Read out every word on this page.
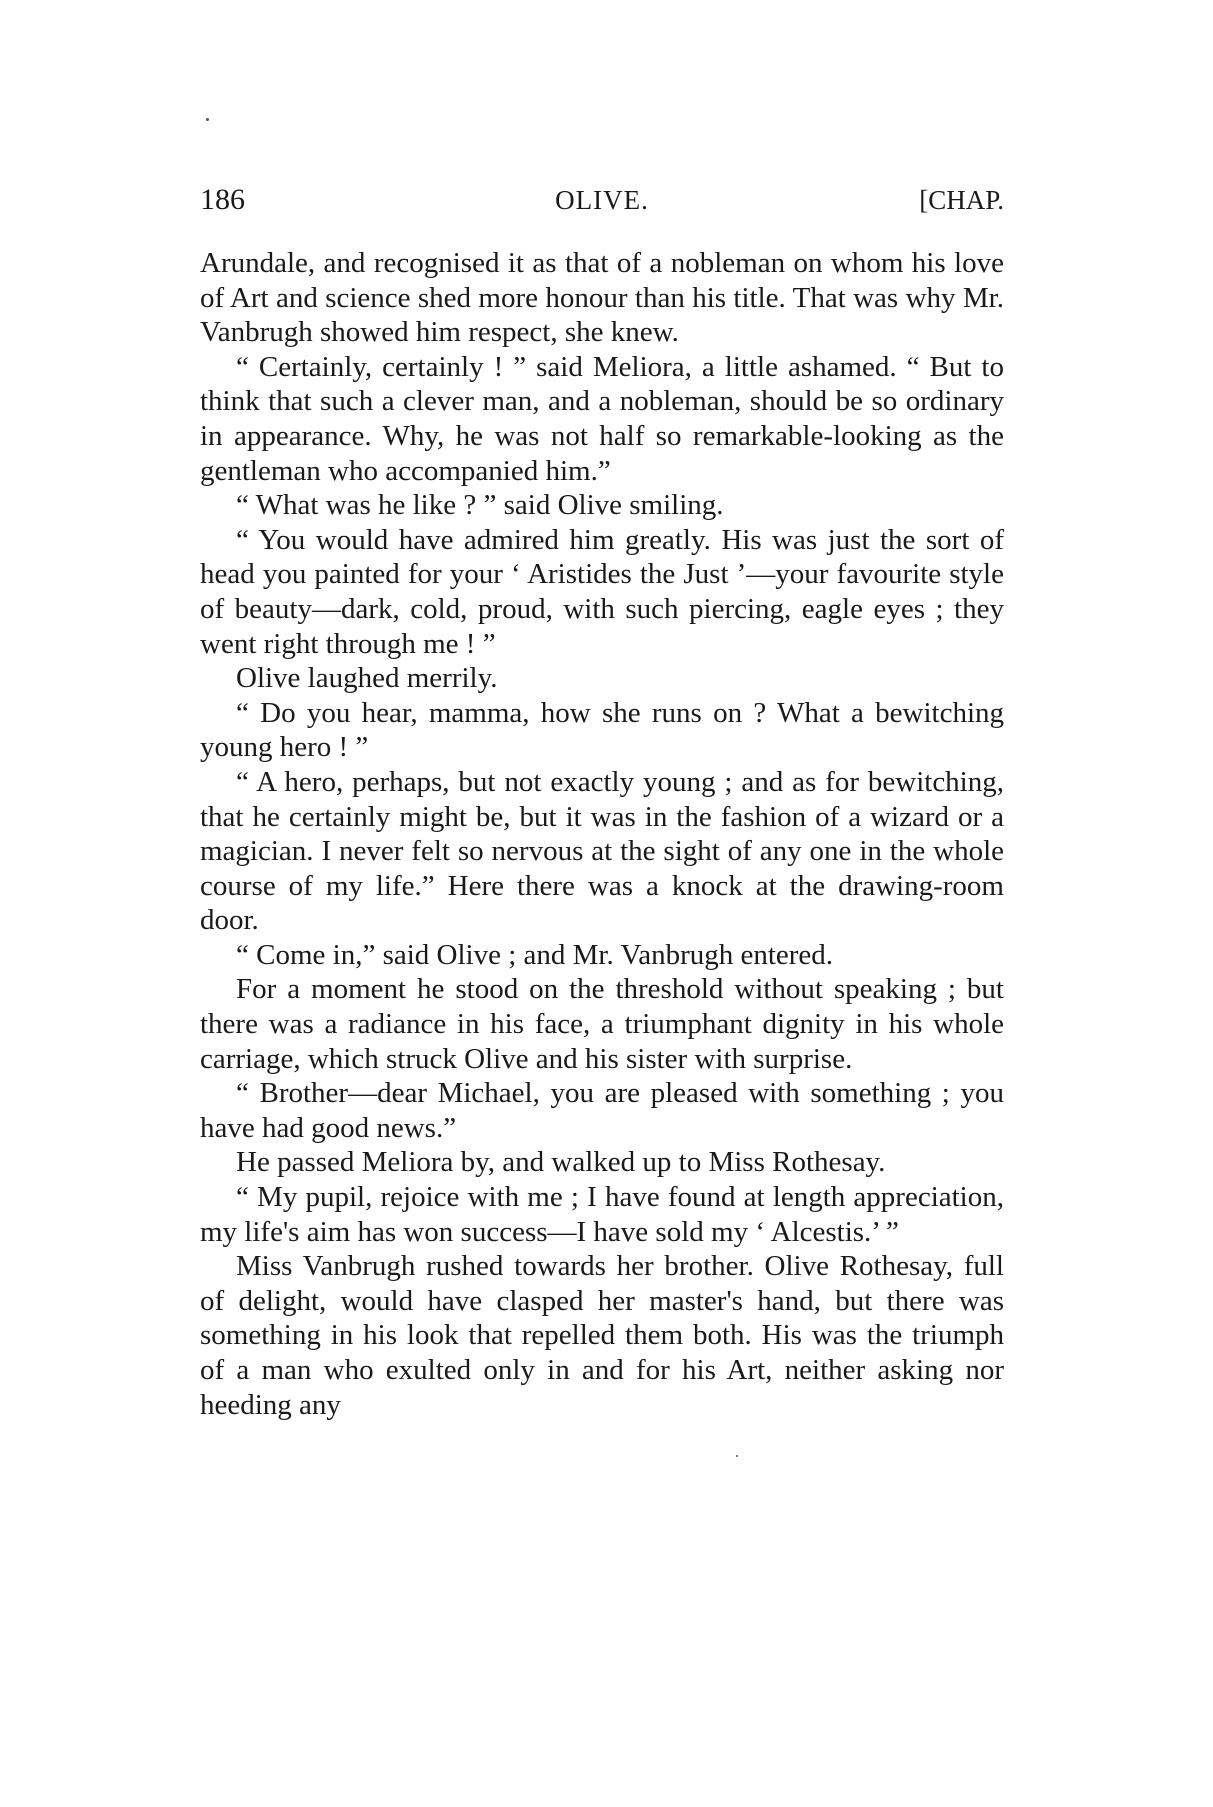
186	OLIVE.	[CHAP.

Arundale, and recognised it as that of a nobleman on whom his love of Art and science shed more honour than his title. That was why Mr. Vanbrugh showed him respect, she knew.

“ Certainly, certainly ! ” said Meliora, a little ashamed. “ But to think that such a clever man, and a nobleman, should be so ordinary in appearance. Why, he was not half so remarkable-looking as the gentleman who accompanied him.”

“ What was he like ? ” said Olive smiling.

“ You would have admired him greatly. His was just the sort of head you painted for your ‘ Aristides the Just ’—your favourite style of beauty—dark, cold, proud, with such piercing, eagle eyes ; they went right through me ! ”

Olive laughed merrily.

“ Do you hear, mamma, how she runs on ? What a bewitching young hero ! ”

“ A hero, perhaps, but not exactly young ; and as for bewitching, that he certainly might be, but it was in the fashion of a wizard or a magician. I never felt so nervous at the sight of any one in the whole course of my life.” Here there was a knock at the drawing-room door.

“ Come in,” said Olive ; and Mr. Vanbrugh entered.

For a moment he stood on the threshold without speaking ; but there was a radiance in his face, a triumphant dignity in his whole carriage, which struck Olive and his sister with surprise.

“ Brother—dear Michael, you are pleased with something ; you have had good news.”

He passed Meliora by, and walked up to Miss Rothesay.

“ My pupil, rejoice with me ; I have found at length appreciation, my life's aim has won success—I have sold my ‘ Alcestis.’ ”

Miss Vanbrugh rushed towards her brother. Olive Rothesay, full of delight, would have clasped her master's hand, but there was something in his look that repelled them both. His was the triumph of a man who exulted only in and for his Art, neither asking nor heeding any
